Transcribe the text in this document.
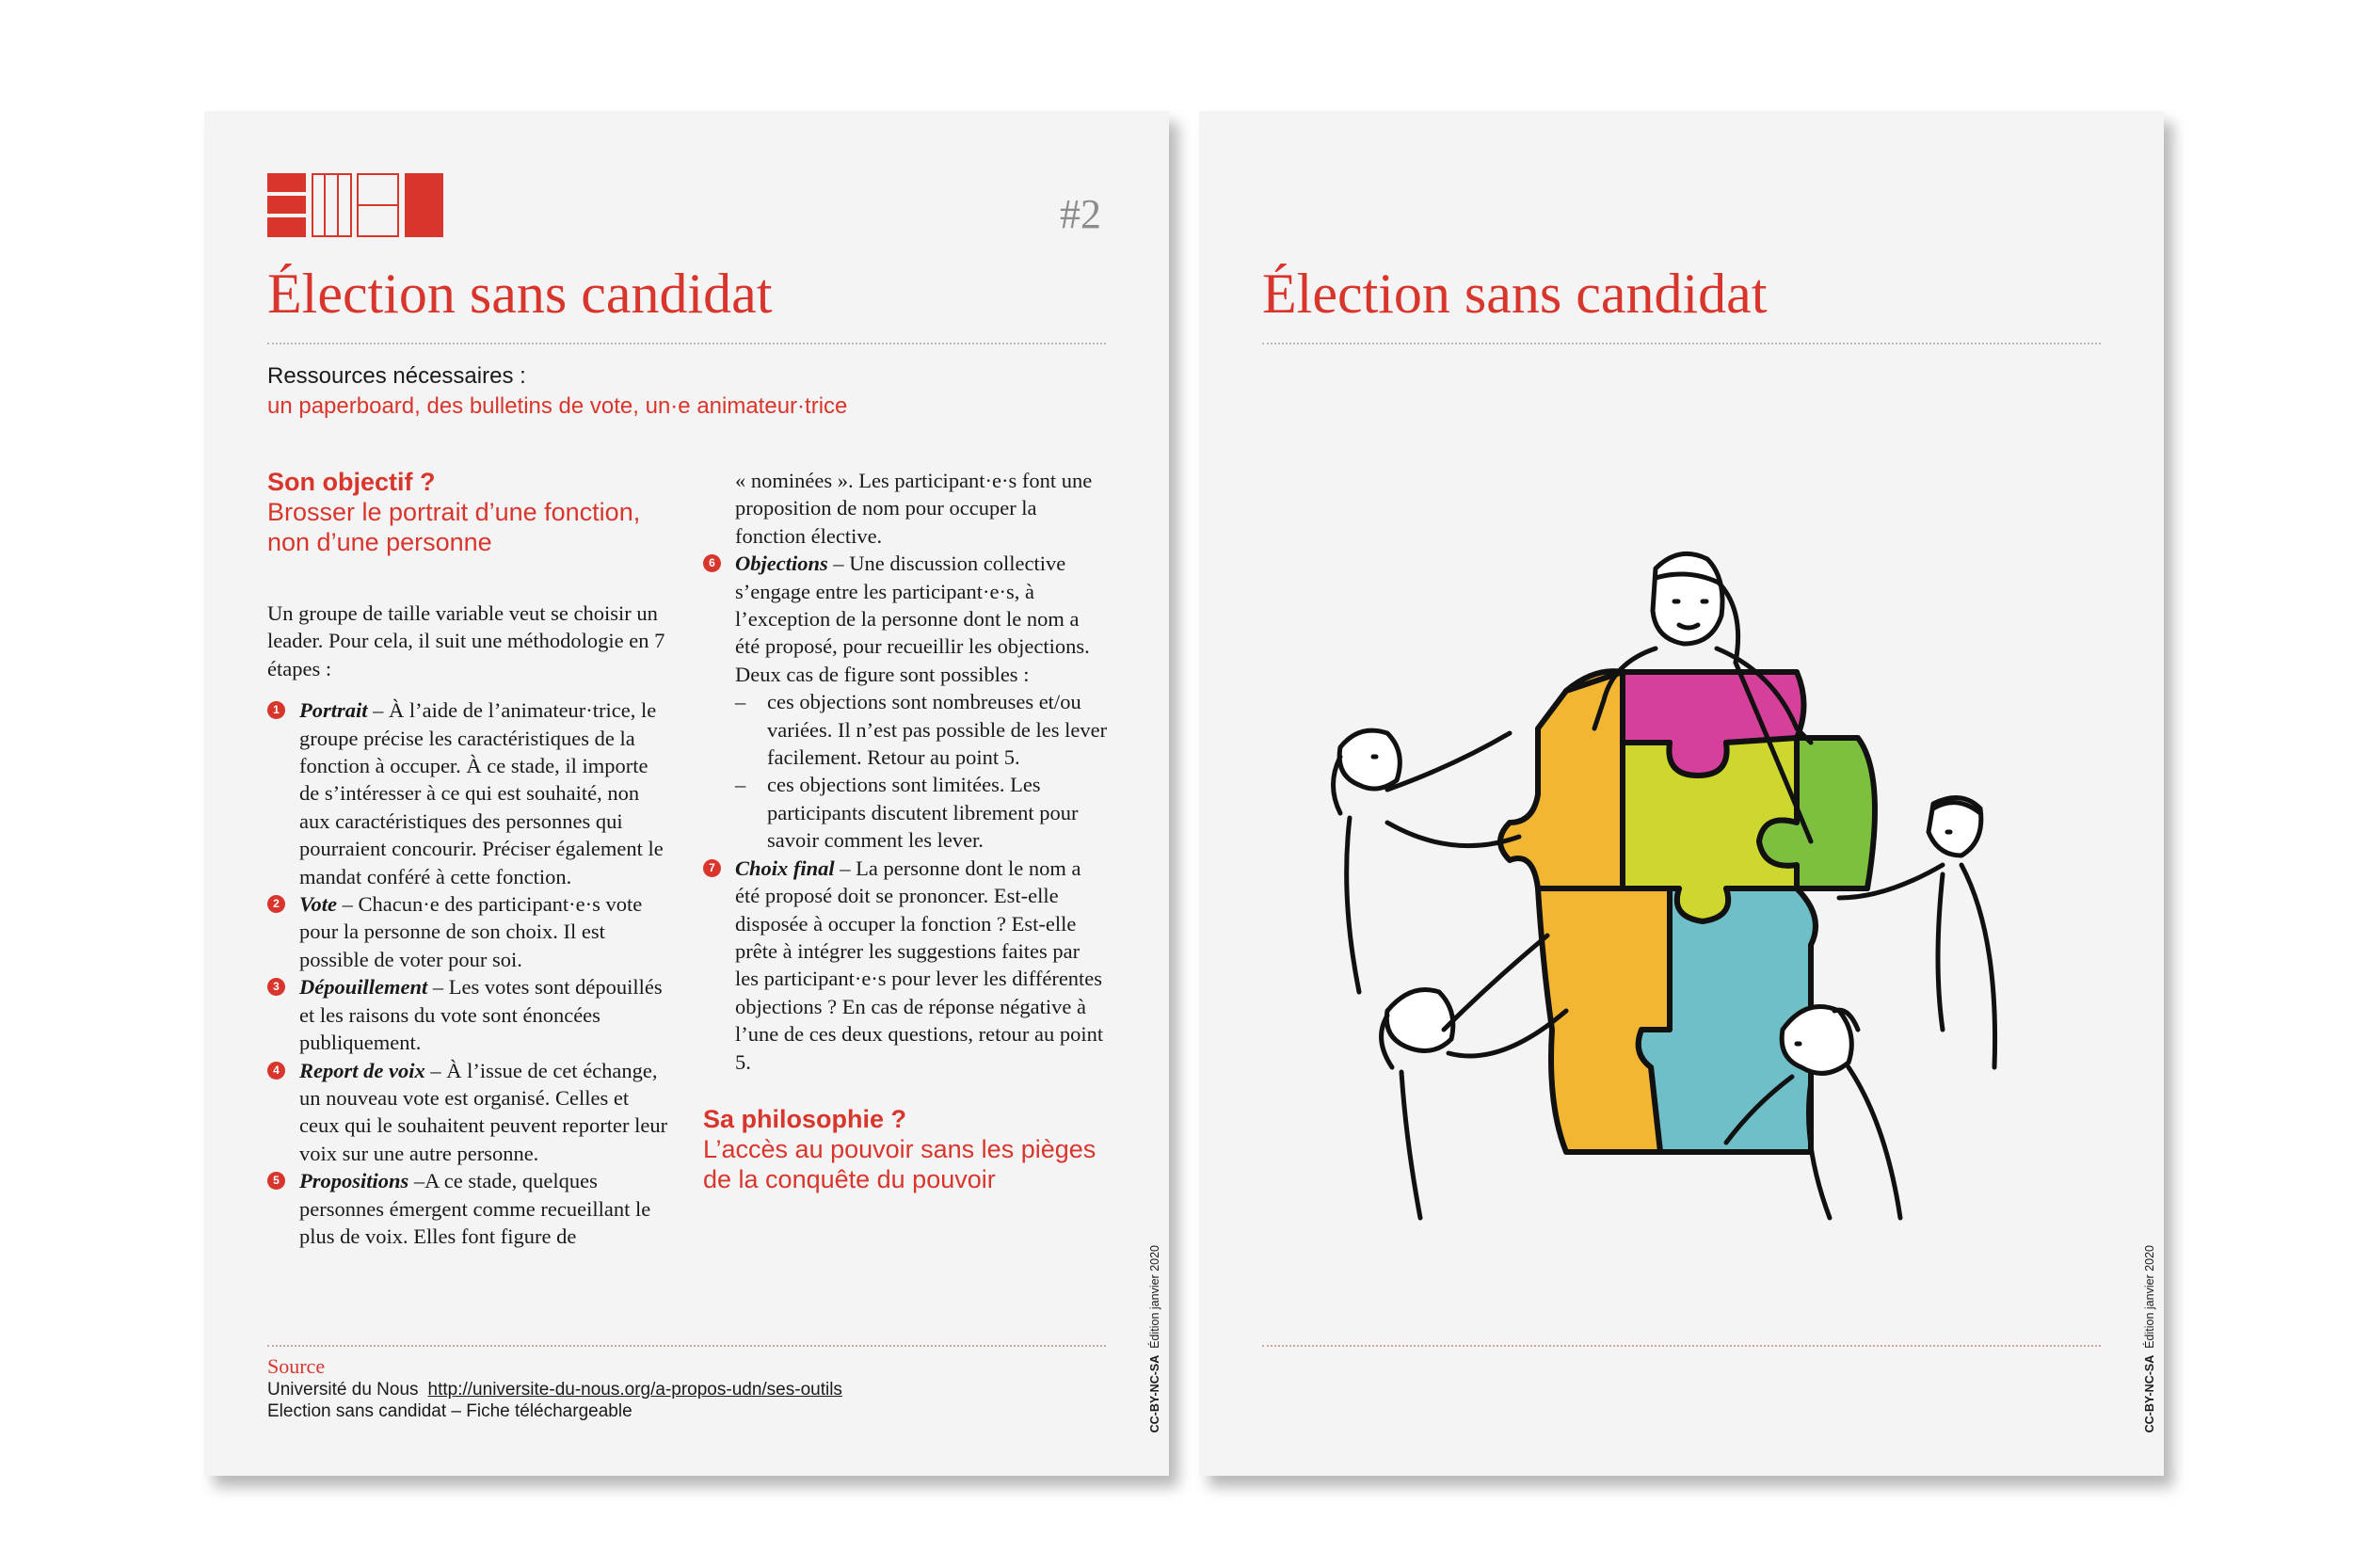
#2
Élection sans candidat
Ressources nécessaires :
un paperboard, des bulletins de vote, un·e animateur·trice
Son objectif ?
Brosser le portrait d’une fonction, non d’une personne
Un groupe de taille variable veut se choisir un leader. Pour cela, il suit une méthodologie en 7 étapes :
1 Portrait – À l’aide de l’animateur·trice, le groupe précise les caractéristiques de la fonction à occuper. À ce stade, il importe de s’intéresser à ce qui est souhaité, non aux caractéristiques des personnes qui pourraient concourir. Préciser également le mandat conféré à cette fonction.
2 Vote – Chacun·e des participant·e·s vote pour la personne de son choix. Il est possible de voter pour soi.
3 Dépouillement – Les votes sont dépouillés et les raisons du vote sont énoncées publiquement.
4 Report de voix – À l’issue de cet échange, un nouveau vote est organisé. Celles et ceux qui le souhaitent peuvent reporter leur voix sur une autre personne.
5 Propositions –A ce stade, quelques personnes émergent comme recueillant le plus de voix. Elles font figure de
« nominées ». Les participant·e·s font une proposition de nom pour occuper la fonction élective.
6 Objections – Une discussion collective s’engage entre les participant·e·s, à l’exception de la personne dont le nom a été proposé, pour recueillir les objections. Deux cas de figure sont possibles :
– ces objections sont nombreuses et/ou variées. Il n’est pas possible de les lever facilement. Retour au point 5.
– ces objections sont limitées. Les participants discutent librement pour savoir comment les lever.
7 Choix final – La personne dont le nom a été proposé doit se prononcer. Est-elle disposée à occuper la fonction ? Est-elle prête à intégrer les suggestions faites par les participant·e·s pour lever les différentes objections ? En cas de réponse négative à l’une de ces deux questions, retour au point 5.
Sa philosophie ?
L’accès au pouvoir sans les pièges de la conquête du pouvoir
Source
Université du Nous http://universite-du-nous.org/a-propos-udn/ses-outils
Election sans candidat – Fiche téléchargeable	CC-BY-NC-SA  Édition janvier 2020
Élection sans candidat
CC-BY-NC-SA  Édition janvier 2020
